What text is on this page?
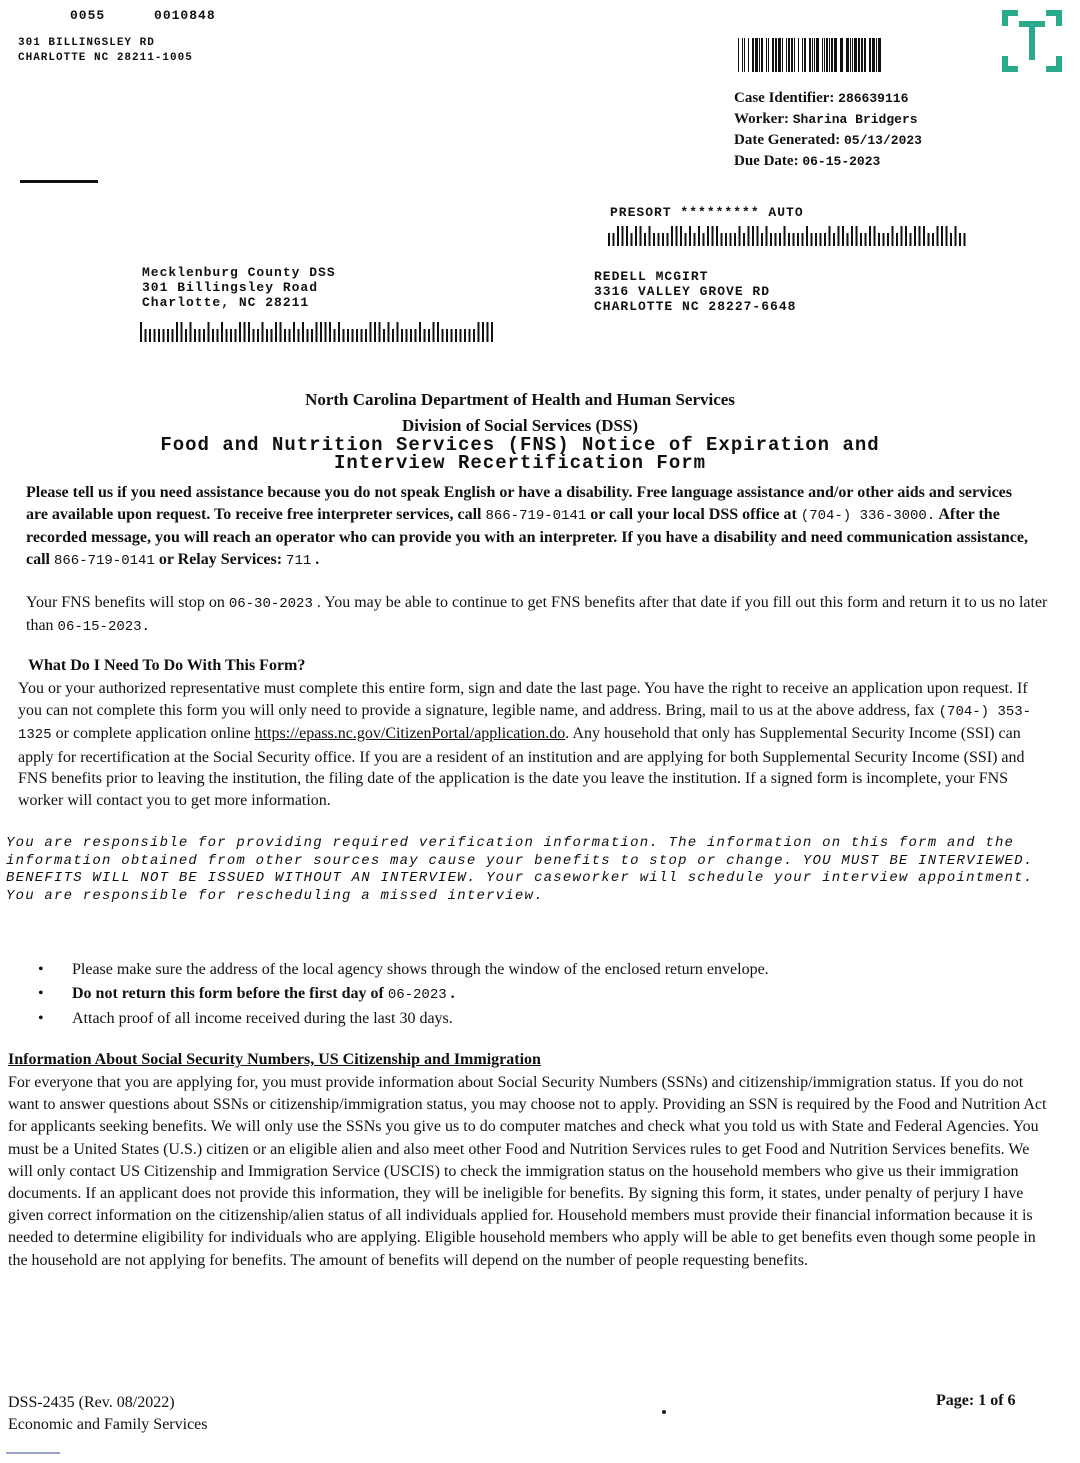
0055	0010848
301 BILLINGSLEY RD
CHARLOTTE NC 28211-1005
Case Identifier: 286639116
Worker: Sharina Bridgers
Date Generated: 05/13/2023
Due Date: 06-15-2023
PRESORT ********* AUTO
Mecklenburg County DSS
301 Billingsley Road
Charlotte, NC 28211
REDELL MCGIRT
3316 VALLEY GROVE RD
CHARLOTTE NC 28227-6648
North Carolina Department of Health and Human Services
Division of Social Services (DSS)
Food and Nutrition Services (FNS) Notice of Expiration and
Interview Recertification Form
Please tell us if you need assistance because you do not speak English or have a disability. Free language assistance and/or other aids and services are available upon request. To receive free interpreter services, call 866-719-0141 or call your local DSS office at (704-) 336-3000. After the recorded message, you will reach an operator who can provide you with an interpreter. If you have a disability and need communication assistance, call 866-719-0141 or Relay Services: 711 .
Your FNS benefits will stop on 06-30-2023 . You may be able to continue to get FNS benefits after that date if you fill out this form and return it to us no later than 06-15-2023.
What Do I Need To Do With This Form?
You or your authorized representative must complete this entire form, sign and date the last page. You have the right to receive an application upon request. If you can not complete this form you will only need to provide a signature, legible name, and address. Bring, mail to us at the above address, fax (704-) 353-1325 or complete application online https://epass.nc.gov/CitizenPortal/application.do. Any household that only has Supplemental Security Income (SSI) can apply for recertification at the Social Security office. If you are a resident of an institution and are applying for both Supplemental Security Income (SSI) and FNS benefits prior to leaving the institution, the filing date of the application is the date you leave the institution. If a signed form is incomplete, your FNS worker will contact you to get more information.
You are responsible for providing required verification information. The information on this form and the information obtained from other sources may cause your benefits to stop or change. YOU MUST BE INTERVIEWED. BENEFITS WILL NOT BE ISSUED WITHOUT AN INTERVIEW. Your caseworker will schedule your interview appointment. You are responsible for rescheduling a missed interview.
•	Please make sure the address of the local agency shows through the window of the enclosed return envelope.
•	Do not return this form before the first day of 06-2023 .
•	Attach proof of all income received during the last 30 days.
Information About Social Security Numbers, US Citizenship and Immigration
For everyone that you are applying for, you must provide information about Social Security Numbers (SSNs) and citizenship/immigration status. If you do not want to answer questions about SSNs or citizenship/immigration status, you may choose not to apply. Providing an SSN is required by the Food and Nutrition Act for applicants seeking benefits. We will only use the SSNs you give us to do computer matches and check what you told us with State and Federal Agencies. You must be a United States (U.S.) citizen or an eligible alien and also meet other Food and Nutrition Services rules to get Food and Nutrition Services benefits. We will only contact US Citizenship and Immigration Service (USCIS) to check the immigration status on the household members who give us their immigration documents. If an applicant does not provide this information, they will be ineligible for benefits. By signing this form, it states, under penalty of perjury I have given correct information on the citizenship/alien status of all individuals applied for. Household members must provide their financial information because it is needed to determine eligibility for individuals who are applying. Eligible household members who apply will be able to get benefits even though some people in the household are not applying for benefits. The amount of benefits will depend on the number of people requesting benefits.
DSS-2435 (Rev. 08/2022)
Economic and Family Services
Page: 1 of 6
